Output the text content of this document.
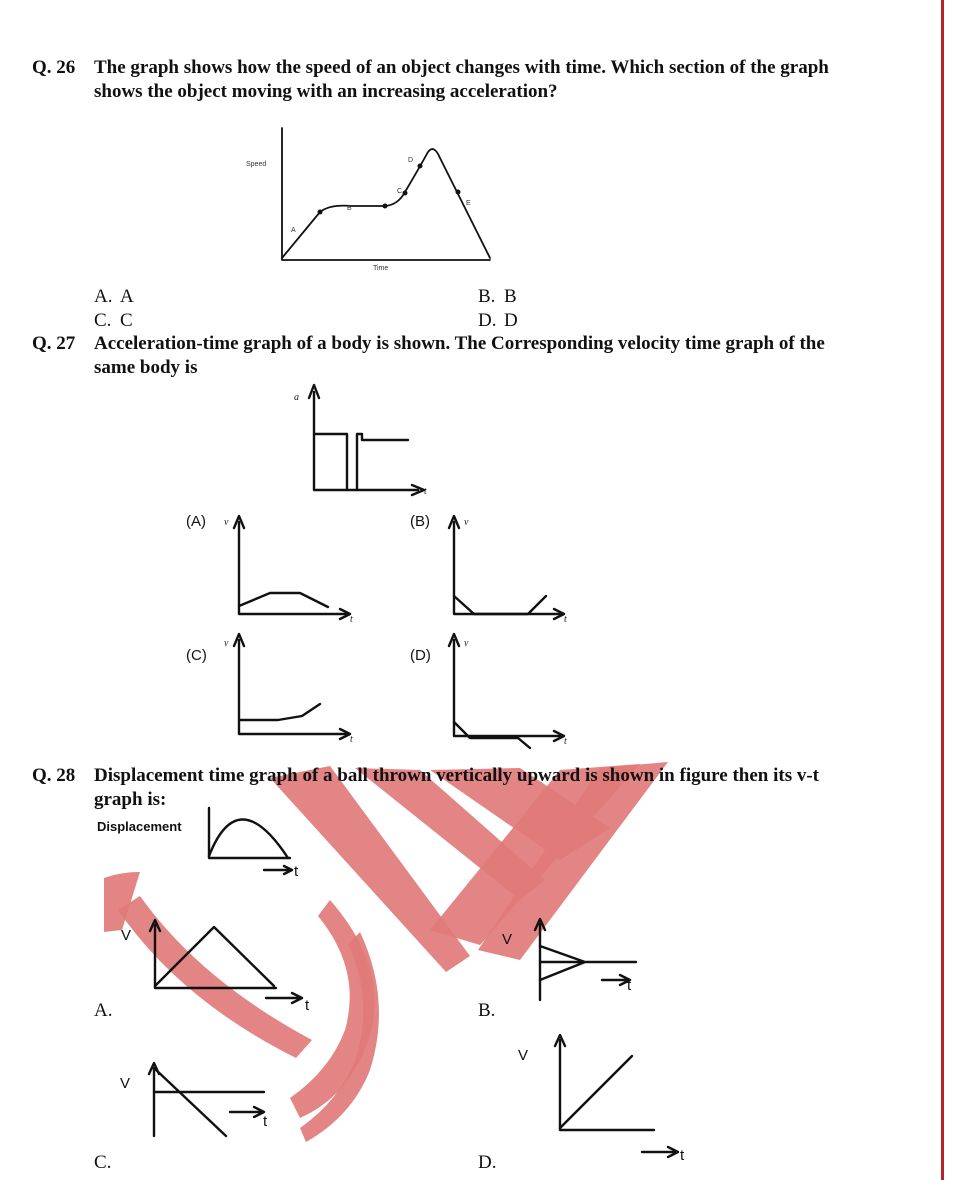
Q. 26 The graph shows how the speed of an object changes with time. Which section of the graph shows the object moving with an increasing acceleration?
Speed
Time
A
B
C
D
E
A. A	B. B
C. C	D. D
Q. 27 Acceleration-time graph of a body is shown. The Corresponding velocity time graph of the same body is
a
t
v
t
v
t
v
t
v
t
(A)	(B)
(C)	(D)
Q. 28 Displacement time graph of a ball thrown vertically upward is shown in figure then its v-t graph is:
Displacement
t
V
t
V
t
V
t
V
t
A.	B.
C.	D.
